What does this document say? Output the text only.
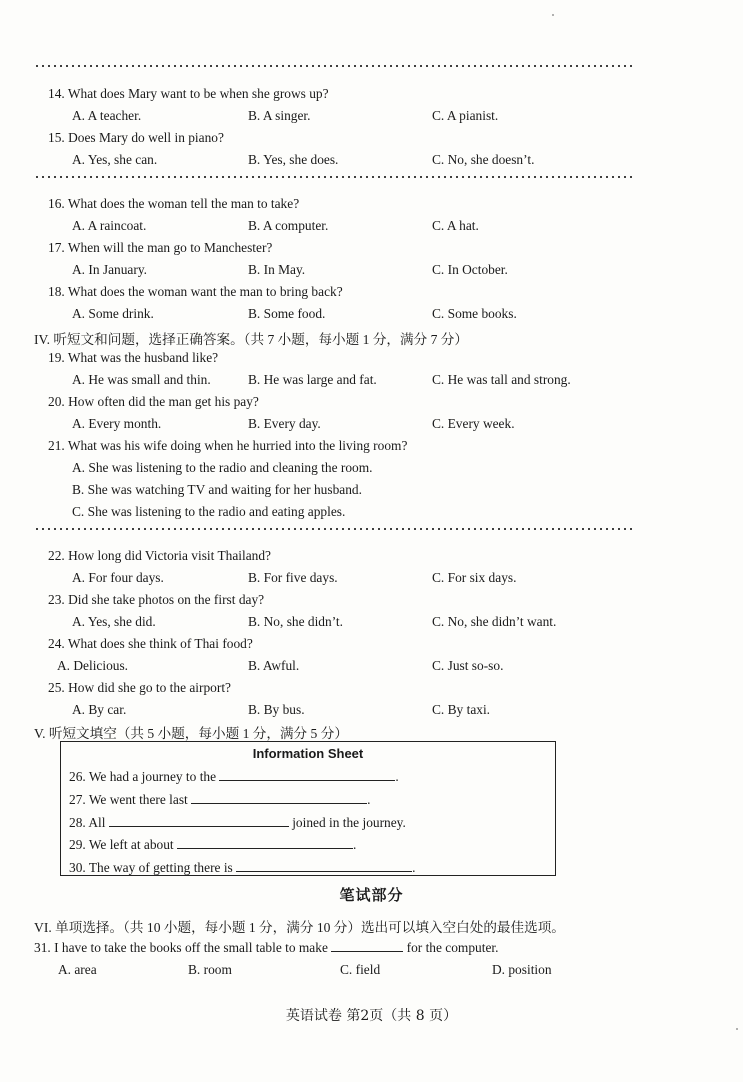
14. What does Mary want to be when she grows up?
A. A teacher.	B. A singer.	C. A pianist.
15. Does Mary do well in piano?
A. Yes, she can.	B. Yes, she does.	C. No, she doesn’t.
16. What does the woman tell the man to take?
A. A raincoat.	B. A computer.	C. A hat.
17. When will the man go to Manchester?
A. In January.	B. In May.	C. In October.
18. What does the woman want the man to bring back?
A. Some drink.	B. Some food.	C. Some books.
IV. 听短文和问题，选择正确答案。（共 7 小题，每小题 1 分，满分 7 分）
19. What was the husband like?
A. He was small and thin.	B. He was large and fat.	C. He was tall and strong.
20. How often did the man get his pay?
A. Every month.	B. Every day.	C. Every week.
21. What was his wife doing when he hurried into the living room?
A. She was listening to the radio and cleaning the room.
B. She was watching TV and waiting for her husband.
C. She was listening to the radio and eating apples.
22. How long did Victoria visit Thailand?
A. For four days.	B. For five days.	C. For six days.
23. Did she take photos on the first day?
A. Yes, she did.	B. No, she didn’t.	C. No, she didn’t want.
24. What does she think of Thai food?
A. Delicious.	B. Awful.	C. Just so-so.
25. How did she go to the airport?
A. By car.	B. By bus.	C. By taxi.
V. 听短文填空（共 5 小题，每小题 1 分，满分 5 分）
Information Sheet
26. We had a journey to the	.
27. We went there last	.
28. All	joined in the journey.
29. We left at about	.
30. The way of getting there is	.
笔试部分
VI. 单项选择。（共 10 小题，每小题 1 分，满分 10 分）选出可以填入空白处的最佳选项。
31. I have to take the books off the small table to make	for the computer.
A. area	B. room	C. field	D. position
英语试卷 第2页（共 8 页）
